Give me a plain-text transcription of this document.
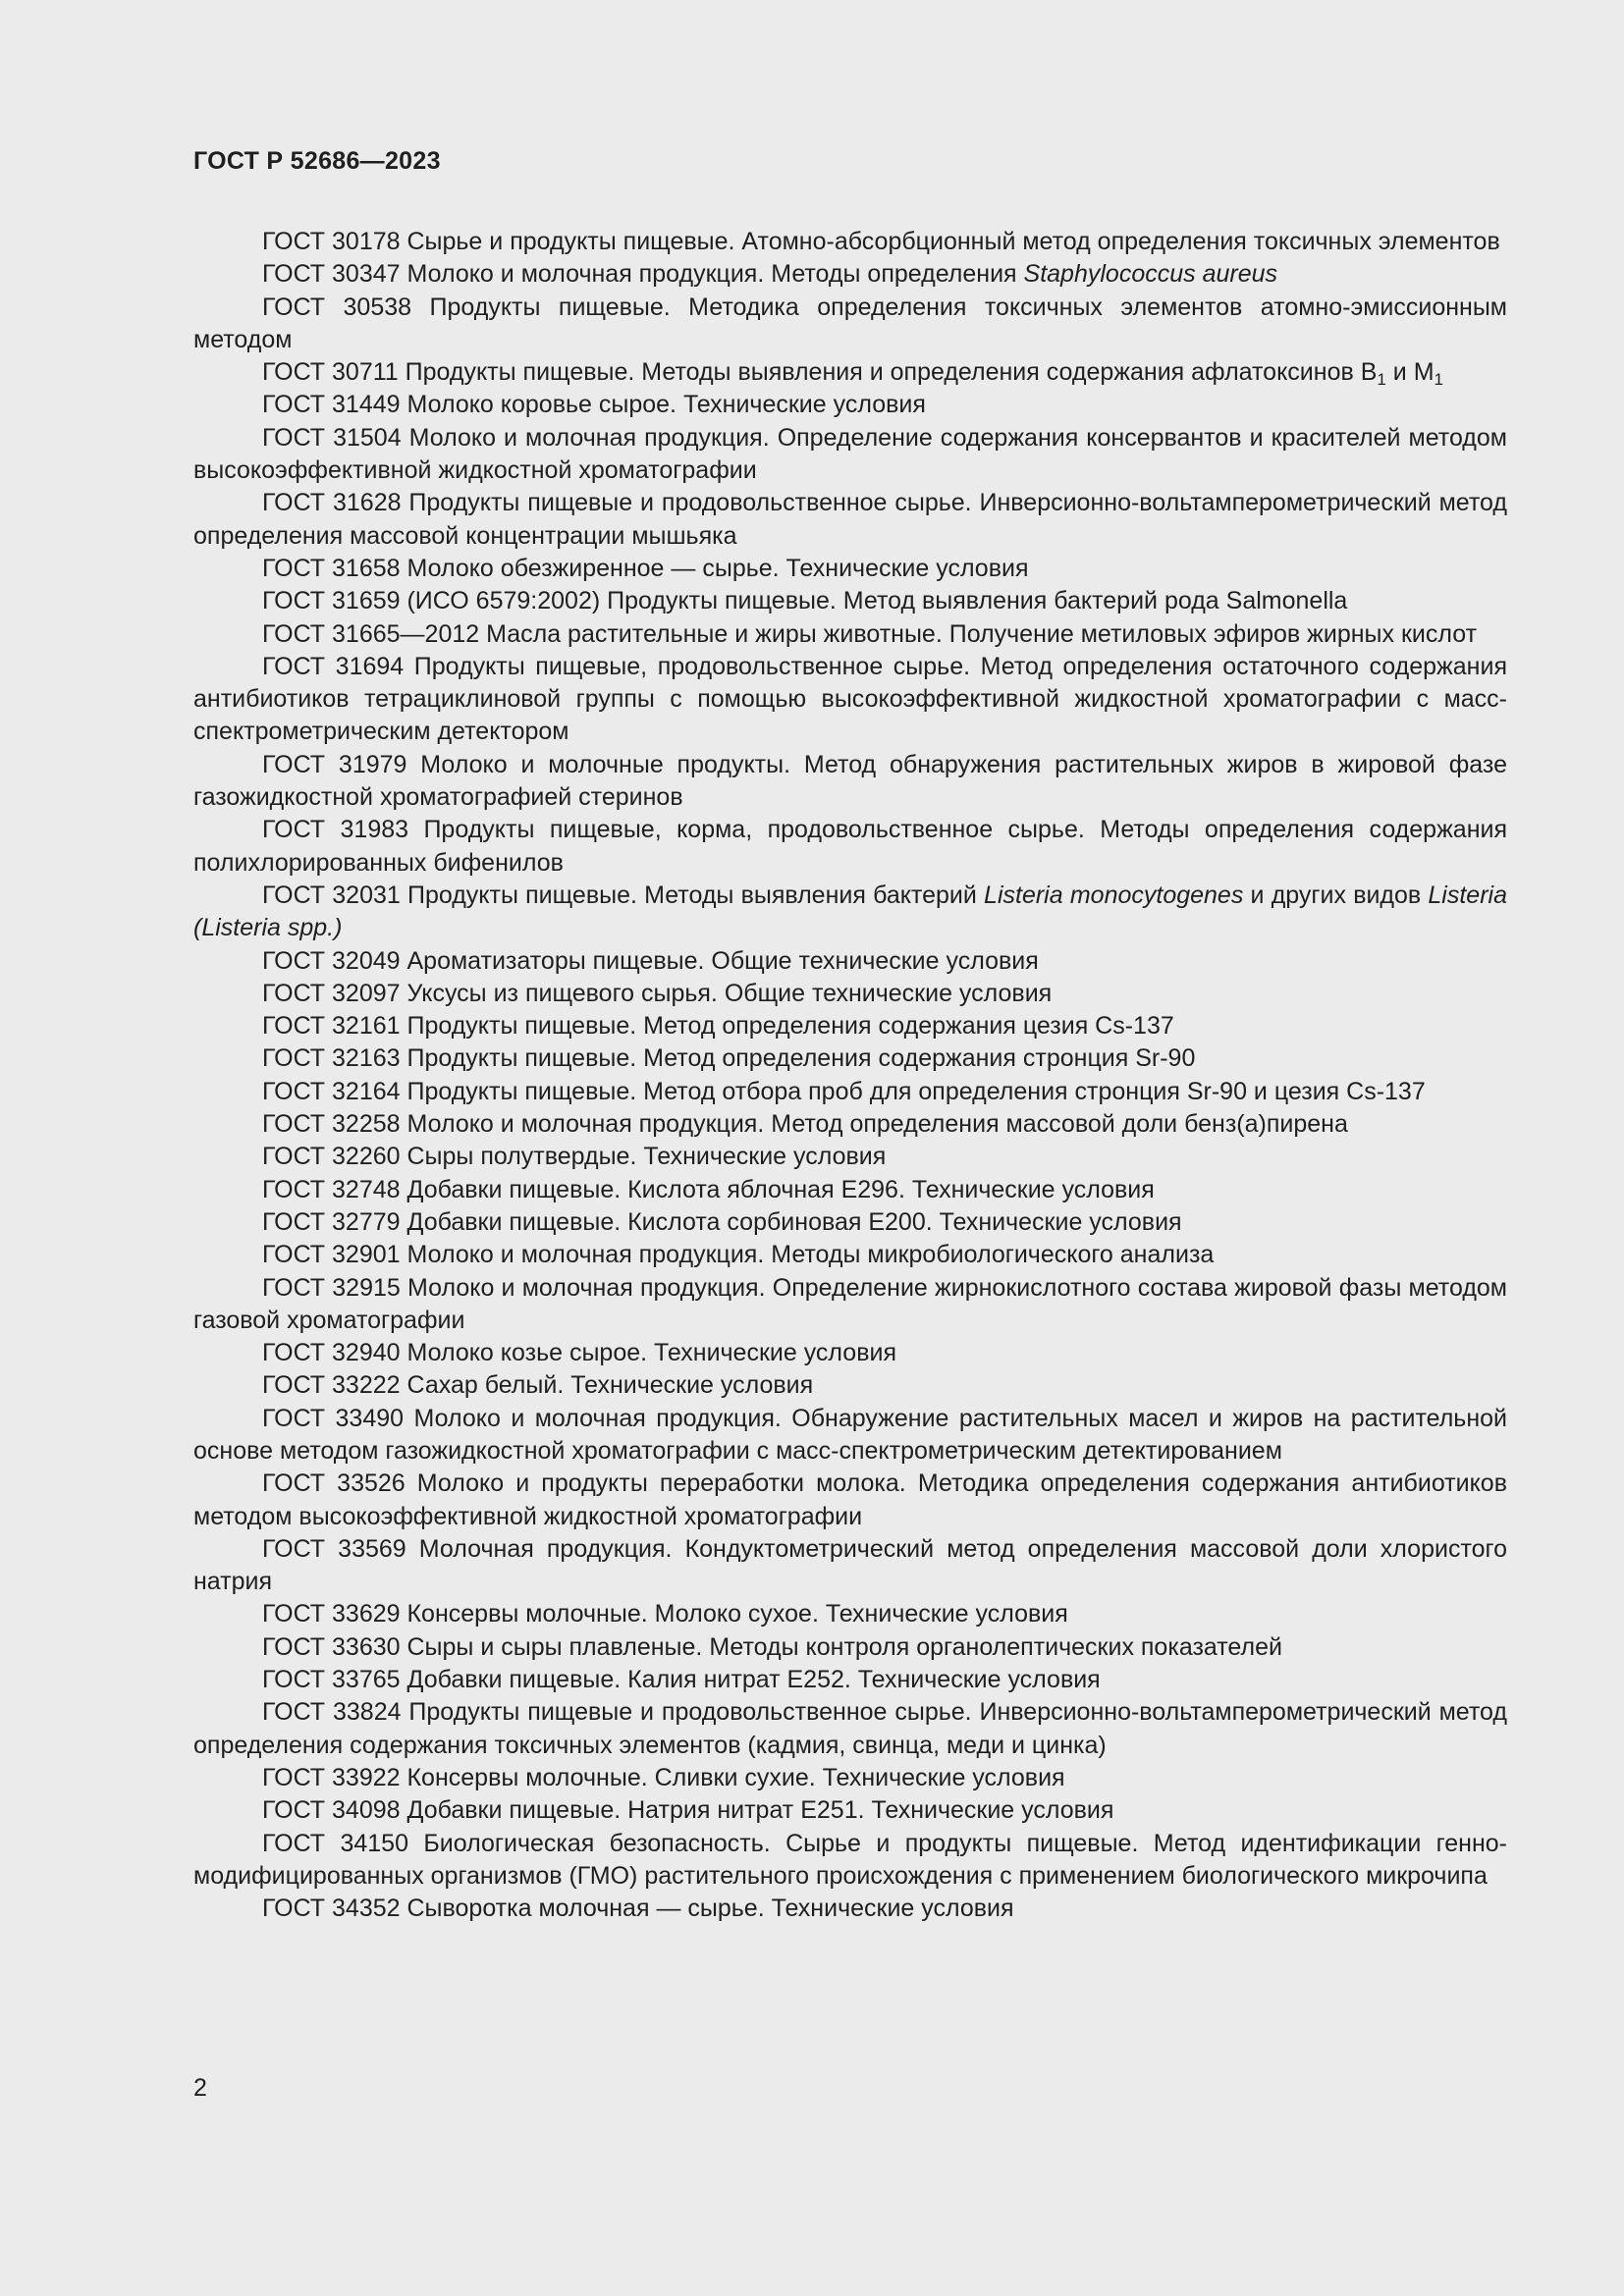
ГОСТ Р 52686—2023

ГОСТ 30178 Сырье и продукты пищевые. Атомно-абсорбционный метод определения токсичных элементов

ГОСТ 30347 Молоко и молочная продукция. Методы определения Staphylococcus aureus

ГОСТ 30538 Продукты пищевые. Методика определения токсичных элементов атомно-эмиссионным методом

ГОСТ 30711 Продукты пищевые. Методы выявления и определения содержания афлатоксинов $В_1$ и $М_1$

ГОСТ 31449 Молоко коровье сырое. Технические условия

ГОСТ 31504 Молоко и молочная продукция. Определение содержания консервантов и красителей методом высокоэффективной жидкостной хроматографии

ГОСТ 31628 Продукты пищевые и продовольственное сырье. Инверсионно-вольтамперометрический метод определения массовой концентрации мышьяка

ГОСТ 31658 Молоко обезжиренное — сырье. Технические условия

ГОСТ 31659 (ИСО 6579:2002) Продукты пищевые. Метод выявления бактерий рода Salmonella

ГОСТ 31665—2012 Масла растительные и жиры животные. Получение метиловых эфиров жирных кислот

ГОСТ 31694 Продукты пищевые, продовольственное сырье. Метод определения остаточного содержания антибиотиков тетрациклиновой группы с помощью высокоэффективной жидкостной хроматографии с масс-спектрометрическим детектором

ГОСТ 31979 Молоко и молочные продукты. Метод обнаружения растительных жиров в жировой фазе газожидкостной хроматографией стеринов

ГОСТ 31983 Продукты пищевые, корма, продовольственное сырье. Методы определения содержания полихлорированных бифенилов

ГОСТ 32031 Продукты пищевые. Методы выявления бактерий Listeria monocytogenes и других видов Listeria (Listeria spp.)

ГОСТ 32049 Ароматизаторы пищевые. Общие технические условия

ГОСТ 32097 Уксусы из пищевого сырья. Общие технические условия

ГОСТ 32161 Продукты пищевые. Метод определения содержания цезия Cs-137

ГОСТ 32163 Продукты пищевые. Метод определения содержания стронция Sr-90

ГОСТ 32164 Продукты пищевые. Метод отбора проб для определения стронция Sr-90 и цезия Cs-137

ГОСТ 32258 Молоко и молочная продукция. Метод определения массовой доли бенз(а)пирена

ГОСТ 32260 Сыры полутвердые. Технические условия

ГОСТ 32748 Добавки пищевые. Кислота яблочная Е296. Технические условия

ГОСТ 32779 Добавки пищевые. Кислота сорбиновая Е200. Технические условия

ГОСТ 32901 Молоко и молочная продукция. Методы микробиологического анализа

ГОСТ 32915 Молоко и молочная продукция. Определение жирнокислотного состава жировой фазы методом газовой хроматографии

ГОСТ 32940 Молоко козье сырое. Технические условия

ГОСТ 33222 Сахар белый. Технические условия

ГОСТ 33490 Молоко и молочная продукция. Обнаружение растительных масел и жиров на растительной основе методом газожидкостной хроматографии с масс-спектрометрическим детектированием

ГОСТ 33526 Молоко и продукты переработки молока. Методика определения содержания антибиотиков методом высокоэффективной жидкостной хроматографии

ГОСТ 33569 Молочная продукция. Кондуктометрический метод определения массовой доли хлористого натрия

ГОСТ 33629 Консервы молочные. Молоко сухое. Технические условия

ГОСТ 33630 Сыры и сыры плавленые. Методы контроля органолептических показателей

ГОСТ 33765 Добавки пищевые. Калия нитрат Е252. Технические условия

ГОСТ 33824 Продукты пищевые и продовольственное сырье. Инверсионно-вольтамперометрический метод определения содержания токсичных элементов (кадмия, свинца, меди и цинка)

ГОСТ 33922 Консервы молочные. Сливки сухие. Технические условия

ГОСТ 34098 Добавки пищевые. Натрия нитрат Е251. Технические условия

ГОСТ 34150 Биологическая безопасность. Сырье и продукты пищевые. Метод идентификации генно-модифицированных организмов (ГМО) растительного происхождения с применением биологического микрочипа

ГОСТ 34352 Сыворотка молочная — сырье. Технические условия

2
